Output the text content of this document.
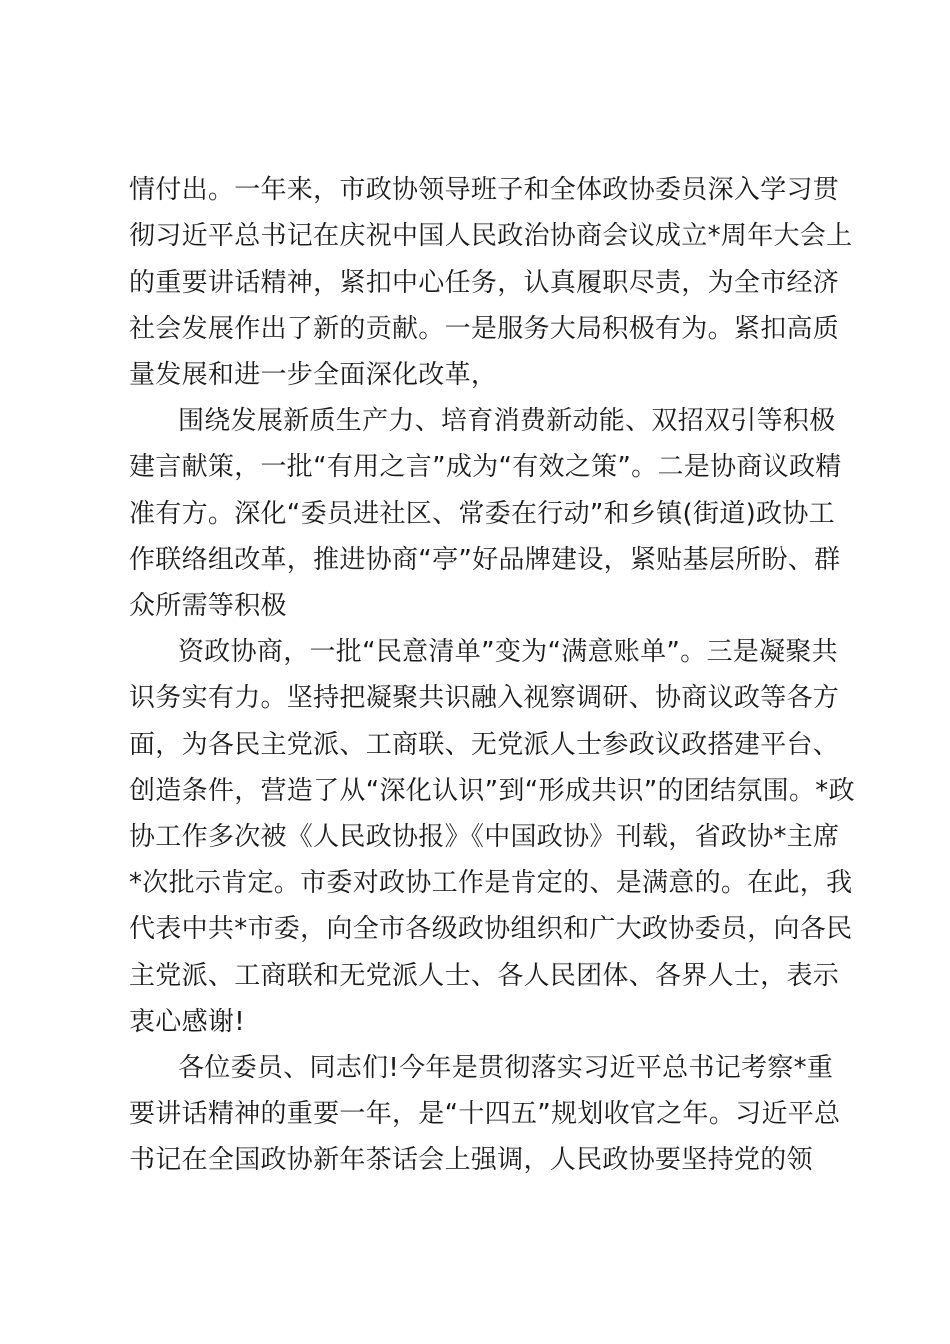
情付出。一年来，市政协领导班子和全体政协委员深入学习贯
彻习近平总书记在庆祝中国人民政治协商会议成立*周年大会上
的重要讲话精神，紧扣中心任务，认真履职尽责，为全市经济
社会发展作出了新的贡献。一是服务大局积极有为。紧扣高质
量发展和进一步全面深化改革，
围绕发展新质生产力、培育消费新动能、双招双引等积极
建言献策，一批“有用之言”成为“有效之策”。二是协商议政精
准有方。深化“委员进社区、常委在行动”和乡镇(街道)政协工
作联络组改革，推进协商“亭”好品牌建设，紧贴基层所盼、群
众所需等积极
资政协商，一批“民意清单”变为“满意账单”。三是凝聚共
识务实有力。坚持把凝聚共识融入视察调研、协商议政等各方
面，为各民主党派、工商联、无党派人士参政议政搭建平台、
创造条件，营造了从“深化认识”到“形成共识”的团结氛围。*政
协工作多次被《人民政协报》《中国政协》刊载，省政协*主席
*次批示肯定。市委对政协工作是肯定的、是满意的。在此，我
代表中共*市委，向全市各级政协组织和广大政协委员，向各民
主党派、工商联和无党派人士、各人民团体、各界人士，表示
衷心感谢!
各位委员、同志们!今年是贯彻落实习近平总书记考察*重
要讲话精神的重要一年，是“十四五”规划收官之年。习近平总
书记在全国政协新年茶话会上强调，人民政协要坚持党的领
